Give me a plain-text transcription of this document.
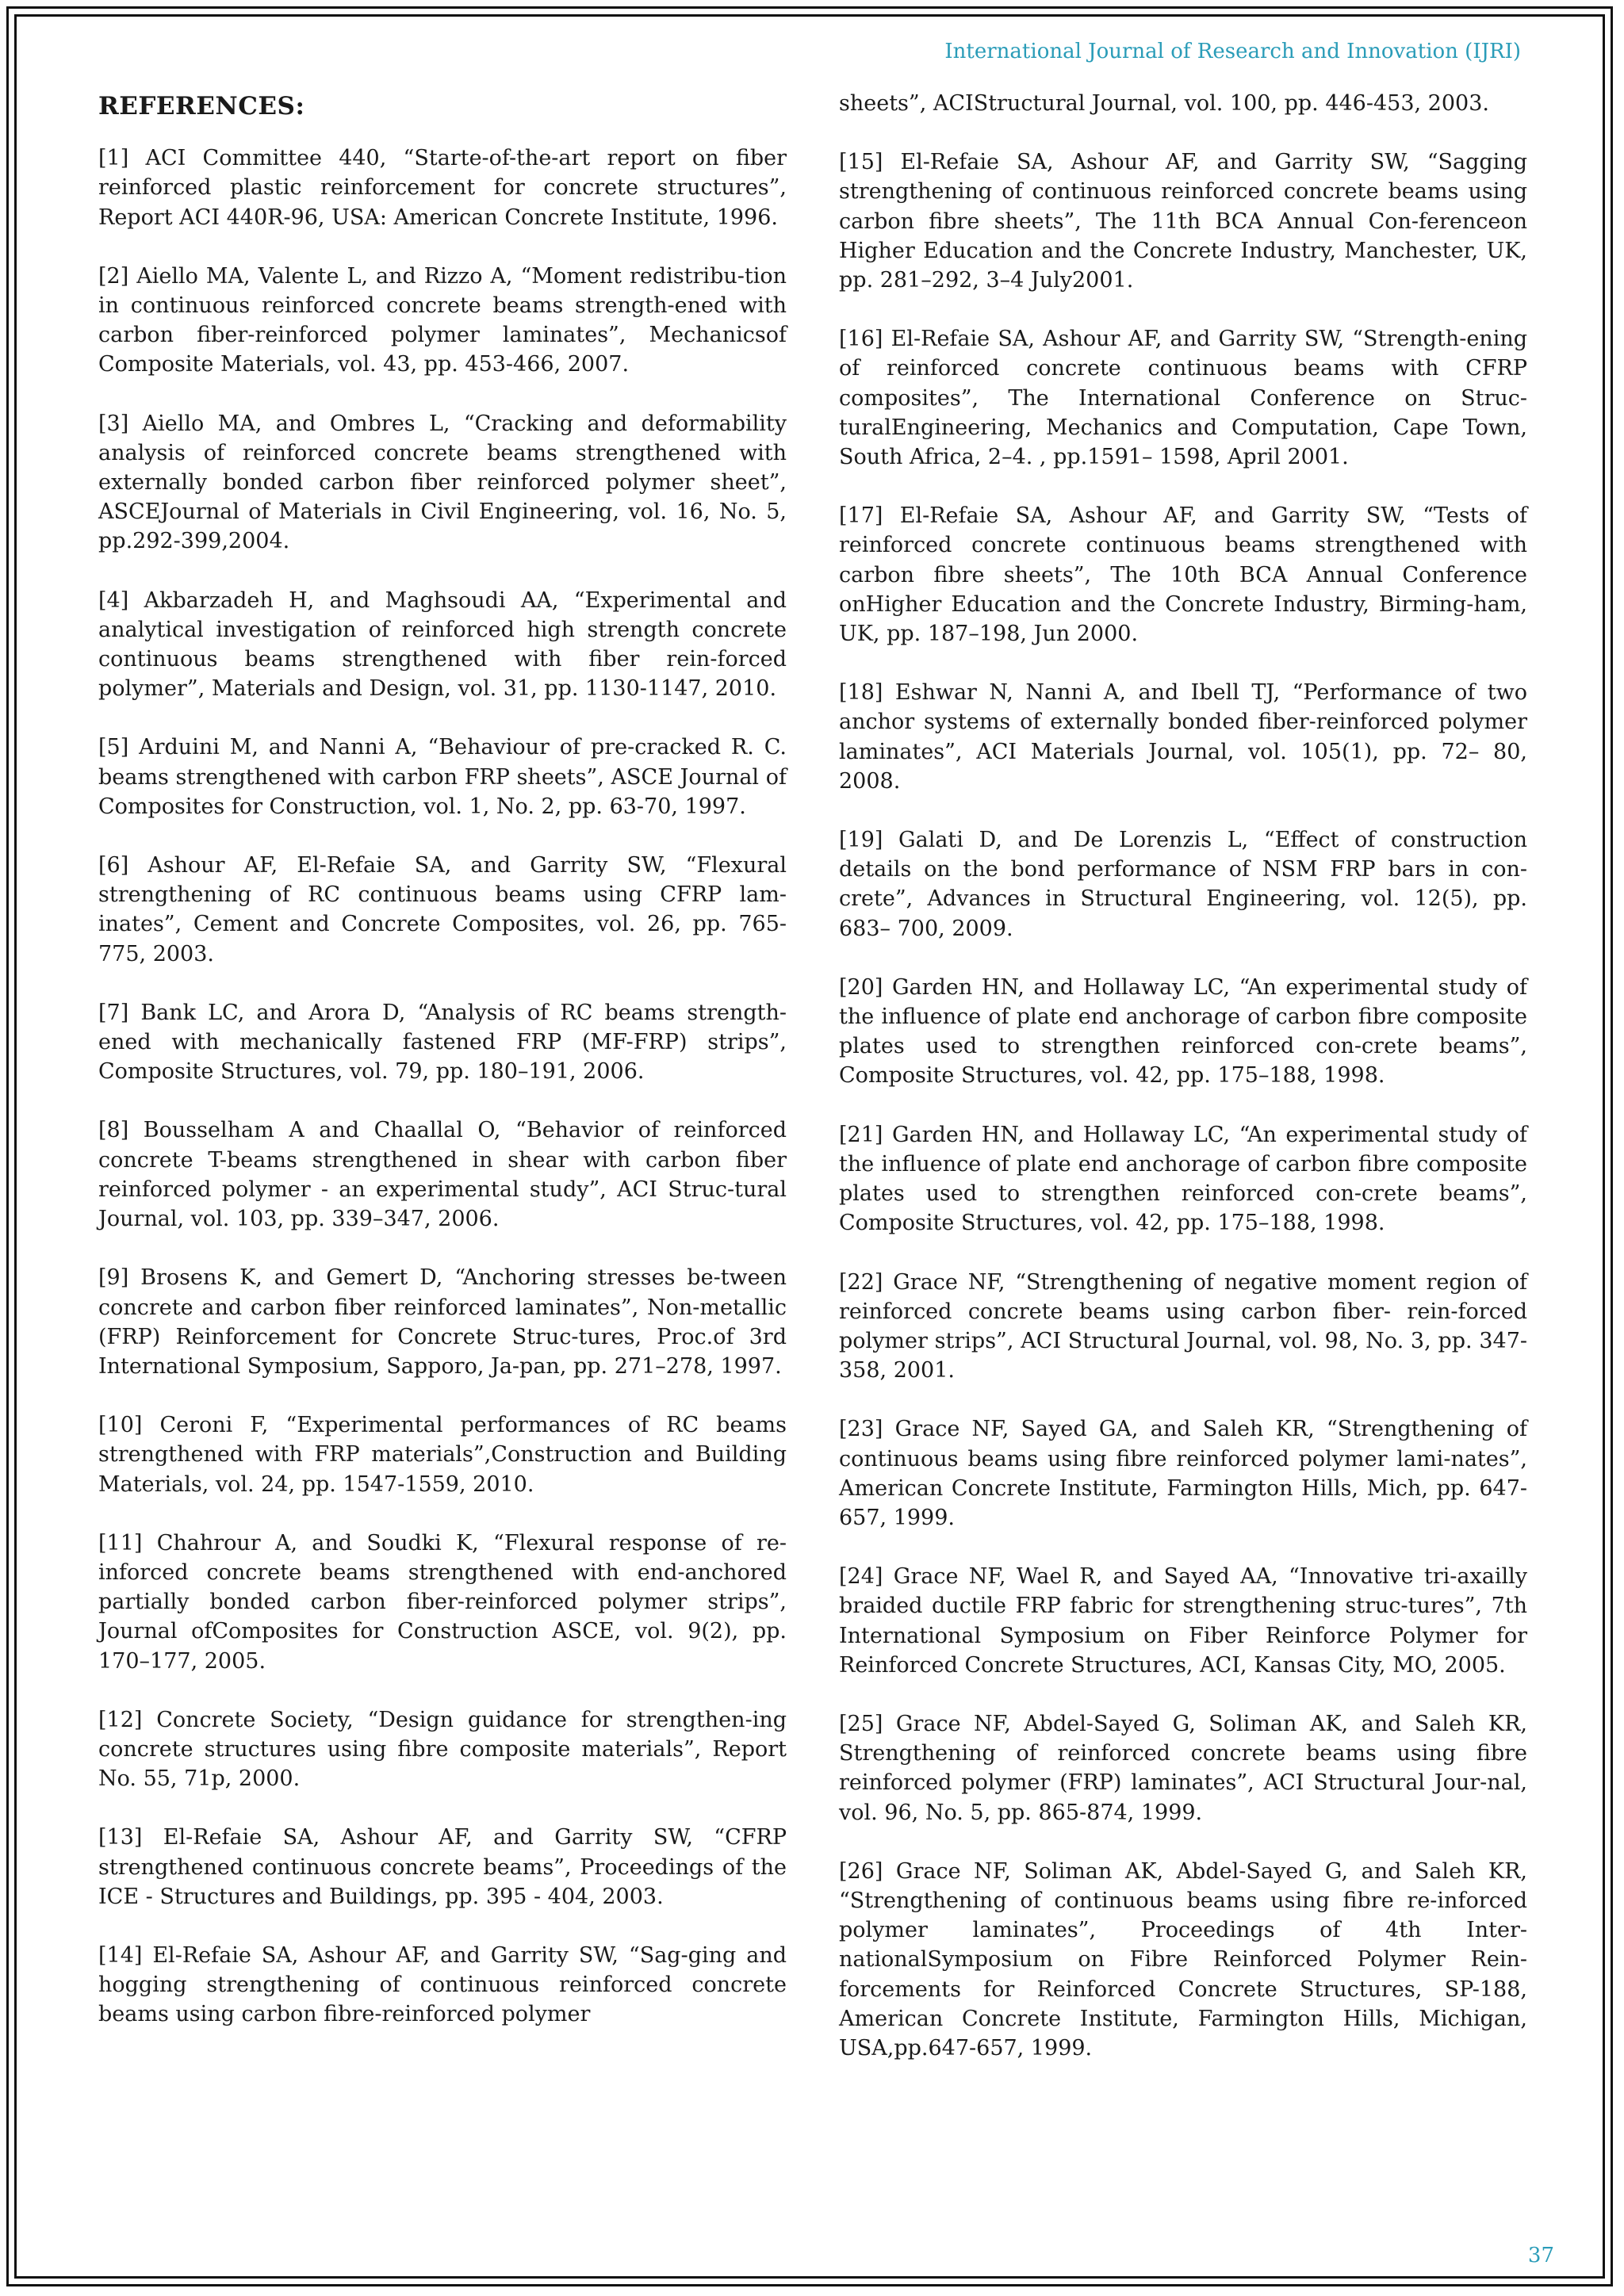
International Journal of Research and Innovation (IJRI)
REFERENCES:

[1] ACI Committee 440, “Starte-of-the-art report on fiber reinforced plastic reinforcement for concrete structures”, Report ACI 440R-96, USA: American Concrete Institute, 1996.

[2] Aiello MA, Valente L, and Rizzo A, “Moment redistribu-tion in continuous reinforced concrete beams strength-ened with carbon fiber-reinforced polymer laminates”, Mechanicsof Composite Materials, vol. 43, pp. 453-466, 2007.

[3] Aiello MA, and Ombres L, “Cracking and deformability analysis of reinforced concrete beams strengthened with externally bonded carbon fiber reinforced polymer sheet”, ASCEJournal of Materials in Civil Engineering, vol. 16, No. 5, pp.292-399,2004.

[4] Akbarzadeh H, and Maghsoudi AA, “Experimental and analytical investigation of reinforced high strength concrete continuous beams strengthened with fiber rein-forced polymer”, Materials and Design, vol. 31, pp. 1130-1147, 2010.

[5] Arduini M, and Nanni A, “Behaviour of pre-cracked R. C. beams strengthened with carbon FRP sheets”, ASCE Journal of Composites for Construction, vol. 1, No. 2, pp. 63-70, 1997.

[6] Ashour AF, El-Refaie SA, and Garrity SW, “Flexural strengthening of RC continuous beams using CFRP lam-inates”, Cement and Concrete Composites, vol. 26, pp. 765-775, 2003.

[7] Bank LC, and Arora D, “Analysis of RC beams strength-ened with mechanically fastened FRP (MF-FRP) strips”, Composite Structures, vol. 79, pp. 180–191, 2006.

[8] Bousselham A and Chaallal O, “Behavior of reinforced concrete T-beams strengthened in shear with carbon fiber reinforced polymer - an experimental study”, ACI Struc-tural Journal, vol. 103, pp. 339–347, 2006.

[9] Brosens K, and Gemert D, “Anchoring stresses be-tween concrete and carbon fiber reinforced laminates”, Non-metallic (FRP) Reinforcement for Concrete Struc-tures, Proc.of 3rd International Symposium, Sapporo, Ja-pan, pp. 271–278, 1997.

[10] Ceroni F, “Experimental performances of RC beams strengthened with FRP materials”,Construction and Building Materials, vol. 24, pp. 1547-1559, 2010.

[11] Chahrour A, and Soudki K, “Flexural response of re-inforced concrete beams strengthened with end-anchored partially bonded carbon fiber-reinforced polymer strips”, Journal ofComposites for Construction ASCE, vol. 9(2), pp. 170–177, 2005.

[12] Concrete Society, “Design guidance for strengthen-ing concrete structures using fibre composite materials”, Report No. 55, 71p, 2000.

[13] El-Refaie SA, Ashour AF, and Garrity SW, “CFRP strengthened continuous concrete beams”, Proceedings of the ICE - Structures and Buildings, pp. 395 - 404, 2003.

[14] El-Refaie SA, Ashour AF, and Garrity SW, “Sag-ging and hogging strengthening of continuous reinforced concrete beams using carbon fibre-reinforced polymer

sheets”, ACIStructural Journal, vol. 100, pp. 446-453, 2003.

[15] El-Refaie SA, Ashour AF, and Garrity SW, “Sagging strengthening of continuous reinforced concrete beams using carbon fibre sheets”, The 11th BCA Annual Con-ferenceon Higher Education and the Concrete Industry, Manchester, UK, pp. 281–292, 3–4 July2001.

[16] El-Refaie SA, Ashour AF, and Garrity SW, “Strength-ening of reinforced concrete continuous beams with CFRP composites”, The International Conference on Struc-turalEngineering, Mechanics and Computation, Cape Town, South Africa, 2–4. , pp.1591– 1598, April 2001.

[17] El-Refaie SA, Ashour AF, and Garrity SW, “Tests of reinforced concrete continuous beams strengthened with carbon fibre sheets”, The 10th BCA Annual Conference onHigher Education and the Concrete Industry, Birming-ham, UK, pp. 187–198, Jun 2000.

[18] Eshwar N, Nanni A, and Ibell TJ, “Performance of two anchor systems of externally bonded fiber-reinforced polymer laminates”, ACI Materials Journal, vol. 105(1), pp. 72– 80, 2008.

[19] Galati D, and De Lorenzis L, “Effect of construction details on the bond performance of NSM FRP bars in con-crete”, Advances in Structural Engineering, vol. 12(5), pp. 683– 700, 2009.

[20] Garden HN, and Hollaway LC, “An experimental study of the influence of plate end anchorage of carbon fibre composite plates used to strengthen reinforced con-crete beams”, Composite Structures, vol. 42, pp. 175–188, 1998.

[21] Garden HN, and Hollaway LC, “An experimental study of the influence of plate end anchorage of carbon fibre composite plates used to strengthen reinforced con-crete beams”, Composite Structures, vol. 42, pp. 175–188, 1998.

[22] Grace NF, “Strengthening of negative moment region of reinforced concrete beams using carbon fiber- rein-forced polymer strips”, ACI Structural Journal, vol. 98, No. 3, pp. 347-358, 2001.

[23] Grace NF, Sayed GA, and Saleh KR, “Strengthening of continuous beams using fibre reinforced polymer lami-nates”, American Concrete Institute, Farmington Hills, Mich, pp. 647-657, 1999.

[24] Grace NF, Wael R, and Sayed AA, “Innovative tri-axailly braided ductile FRP fabric for strengthening struc-tures”, 7th International Symposium on Fiber Reinforce Polymer for Reinforced Concrete Structures, ACI, Kansas City, MO, 2005.

[25] Grace NF, Abdel-Sayed G, Soliman AK, and Saleh KR, Strengthening of reinforced concrete beams using fibre reinforced polymer (FRP) laminates”, ACI Structural Jour-nal, vol. 96, No. 5, pp. 865-874, 1999.

[26] Grace NF, Soliman AK, Abdel-Sayed G, and Saleh KR, “Strengthening of continuous beams using fibre re-inforced polymer laminates”, Proceedings of 4th Inter-nationalSymposium on Fibre Reinforced Polymer Rein-forcements for Reinforced Concrete Structures, SP-188, American Concrete Institute, Farmington Hills, Michigan, USA,pp.647-657, 1999.

37
